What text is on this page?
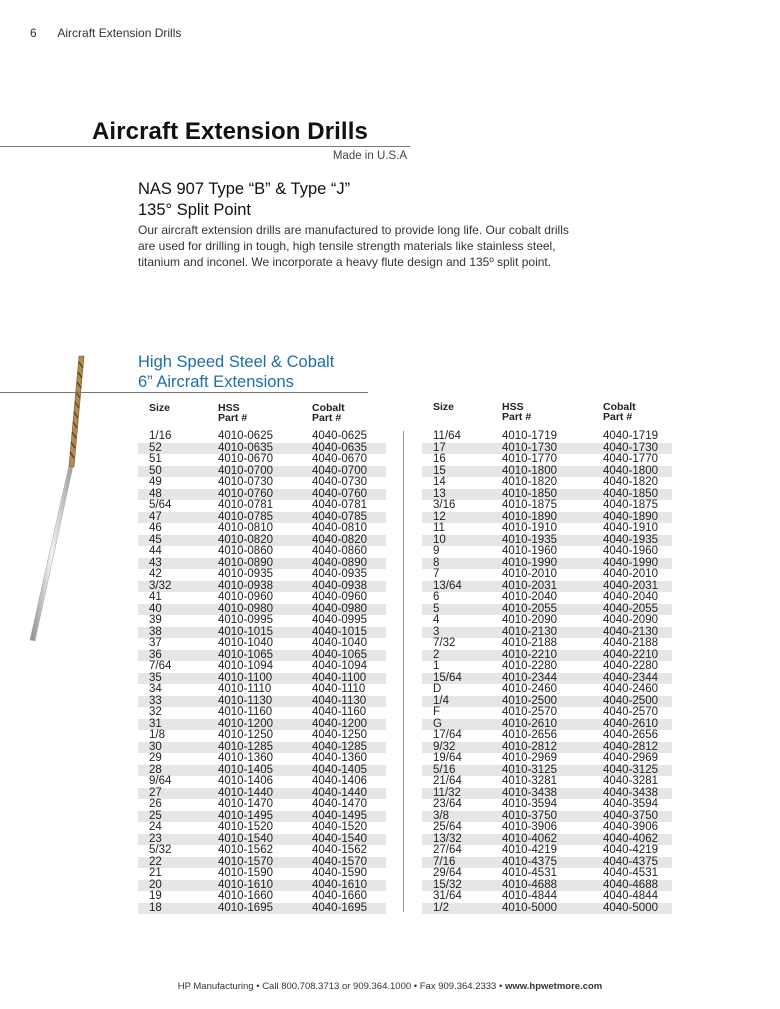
6 Aircraft Extension Drills
Aircraft Extension Drills
Made in U.S.A
NAS 907 Type “B” & Type “J”
135° Split Point
Our aircraft extension drills are manufactured to provide long life. Our cobalt drills
are used for drilling in tough, high tensile strength materials like stainless steel,
titanium and inconel. We incorporate a heavy flute design and 135º split point.
High Speed Steel & Cobalt
6” Aircraft Extensions
Size	HSS
Part #
Cobalt
Part #
1/16	4010-0625	4040-0625
52	4010-0635	4040-0635
51	4010-0670	4040-0670
50	4010-0700	4040-0700
49	4010-0730	4040-0730
48	4010-0760	4040-0760
5/64	4010-0781	4040-0781
47	4010-0785	4040-0785
46	4010-0810	4040-0810
45	4010-0820	4040-0820
44	4010-0860	4040-0860
43	4010-0890	4040-0890
42	4010-0935	4040-0935
3/32	4010-0938	4040-0938
41	4010-0960	4040-0960
40	4010-0980	4040-0980
39	4010-0995	4040-0995
38	4010-1015	4040-1015
37	4010-1040	4040-1040
36	4010-1065	4040-1065
7/64	4010-1094	4040-1094
35	4010-1100	4040-1100
34	4010-1110	4040-1110
33	4010-1130	4040-1130
32	4010-1160	4040-1160
31	4010-1200	4040-1200
1/8	4010-1250	4040-1250
30	4010-1285	4040-1285
29	4010-1360	4040-1360
28	4010-1405	4040-1405
9/64	4010-1406	4040-1406
27	4010-1440	4040-1440
26	4010-1470	4040-1470
25	4010-1495	4040-1495
24	4010-1520	4040-1520
23	4010-1540	4040-1540
5/32	4010-1562	4040-1562
22	4010-1570	4040-1570
21	4010-1590	4040-1590
20	4010-1610	4040-1610
19	4010-1660	4040-1660
18	4010-1695	4040-1695
Size	HSS
Part #
Cobalt
Part #
11/64	4010-1719	4040-1719
17	4010-1730	4040-1730
16	4010-1770	4040-1770
15	4010-1800	4040-1800
14	4010-1820	4040-1820
13	4010-1850	4040-1850
3/16	4010-1875	4040-1875
12	4010-1890	4040-1890
11	4010-1910	4040-1910
10	4010-1935	4040-1935
9	4010-1960	4040-1960
8	4010-1990	4040-1990
7	4010-2010	4040-2010
13/64	4010-2031	4040-2031
6	4010-2040	4040-2040
5	4010-2055	4040-2055
4	4010-2090	4040-2090
3	4010-2130	4040-2130
7/32	4010-2188	4040-2188
2	4010-2210	4040-2210
1	4010-2280	4040-2280
15/64	4010-2344	4040-2344
D	4010-2460	4040-2460
1/4	4010-2500	4040-2500
F	4010-2570	4040-2570
G	4010-2610	4040-2610
17/64	4010-2656	4040-2656
9/32	4010-2812	4040-2812
19/64	4010-2969	4040-2969
5/16	4010-3125	4040-3125
21/64	4010-3281	4040-3281
11/32	4010-3438	4040-3438
23/64	4010-3594	4040-3594
3/8	4010-3750	4040-3750
25/64	4010-3906	4040-3906
13/32	4010-4062	4040-4062
27/64	4010-4219	4040-4219
7/16	4010-4375	4040-4375
29/64	4010-4531	4040-4531
15/32	4010-4688	4040-4688
31/64	4010-4844	4040-4844
1/2	4010-5000	4040-5000
HP Manufacturing • Call 800.708.3713 or 909.364.1000 • Fax 909.364.2333 • www.hpwetmore.com
